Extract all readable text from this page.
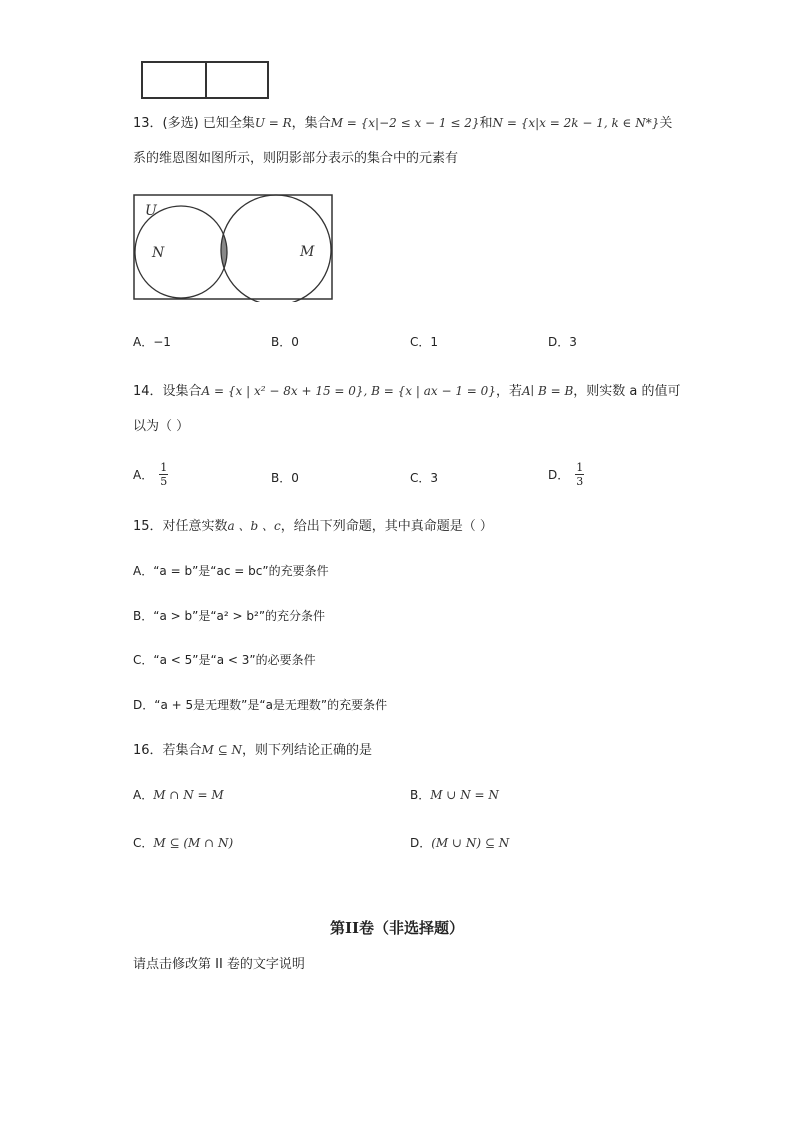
13．(多选) 已知全集U = R，集合M = {x|−2 ≤ x − 1 ≤ 2}和N = {x|x = 2k − 1, k ∈ N*}关
系的维恩图如图所示，则阴影部分表示的集合中的元素有
U
N	M
A．−1	B．0	C．1	D．3
14．设集合A = {x | x² − 8x + 15 = 0}, B = {x | ax − 1 = 0}，若A∣ B = B，则实数 a 的值可
以为（ ）
A． $\frac{1}{5}$	B．0	C．3	D． $\frac{1}{3}$
15．对任意实数a 、b 、c，给出下列命题，其中真命题是（ ）
A．“a = b”是“ac = bc”的充要条件
B．“a > b”是“a² > b²”的充分条件
C．“a < 5”是“a < 3”的必要条件
D．“a + 5是无理数”是“a是无理数”的充要条件
16．若集合M ⊆ N，则下列结论正确的是
A．M ∩ N = M	B．M ∪ N = N
C．M ⊆ (M ∩ N)	D．(M ∪ N) ⊆ N
第II卷（非选择题）
请点击修改第 II 卷的文字说明
